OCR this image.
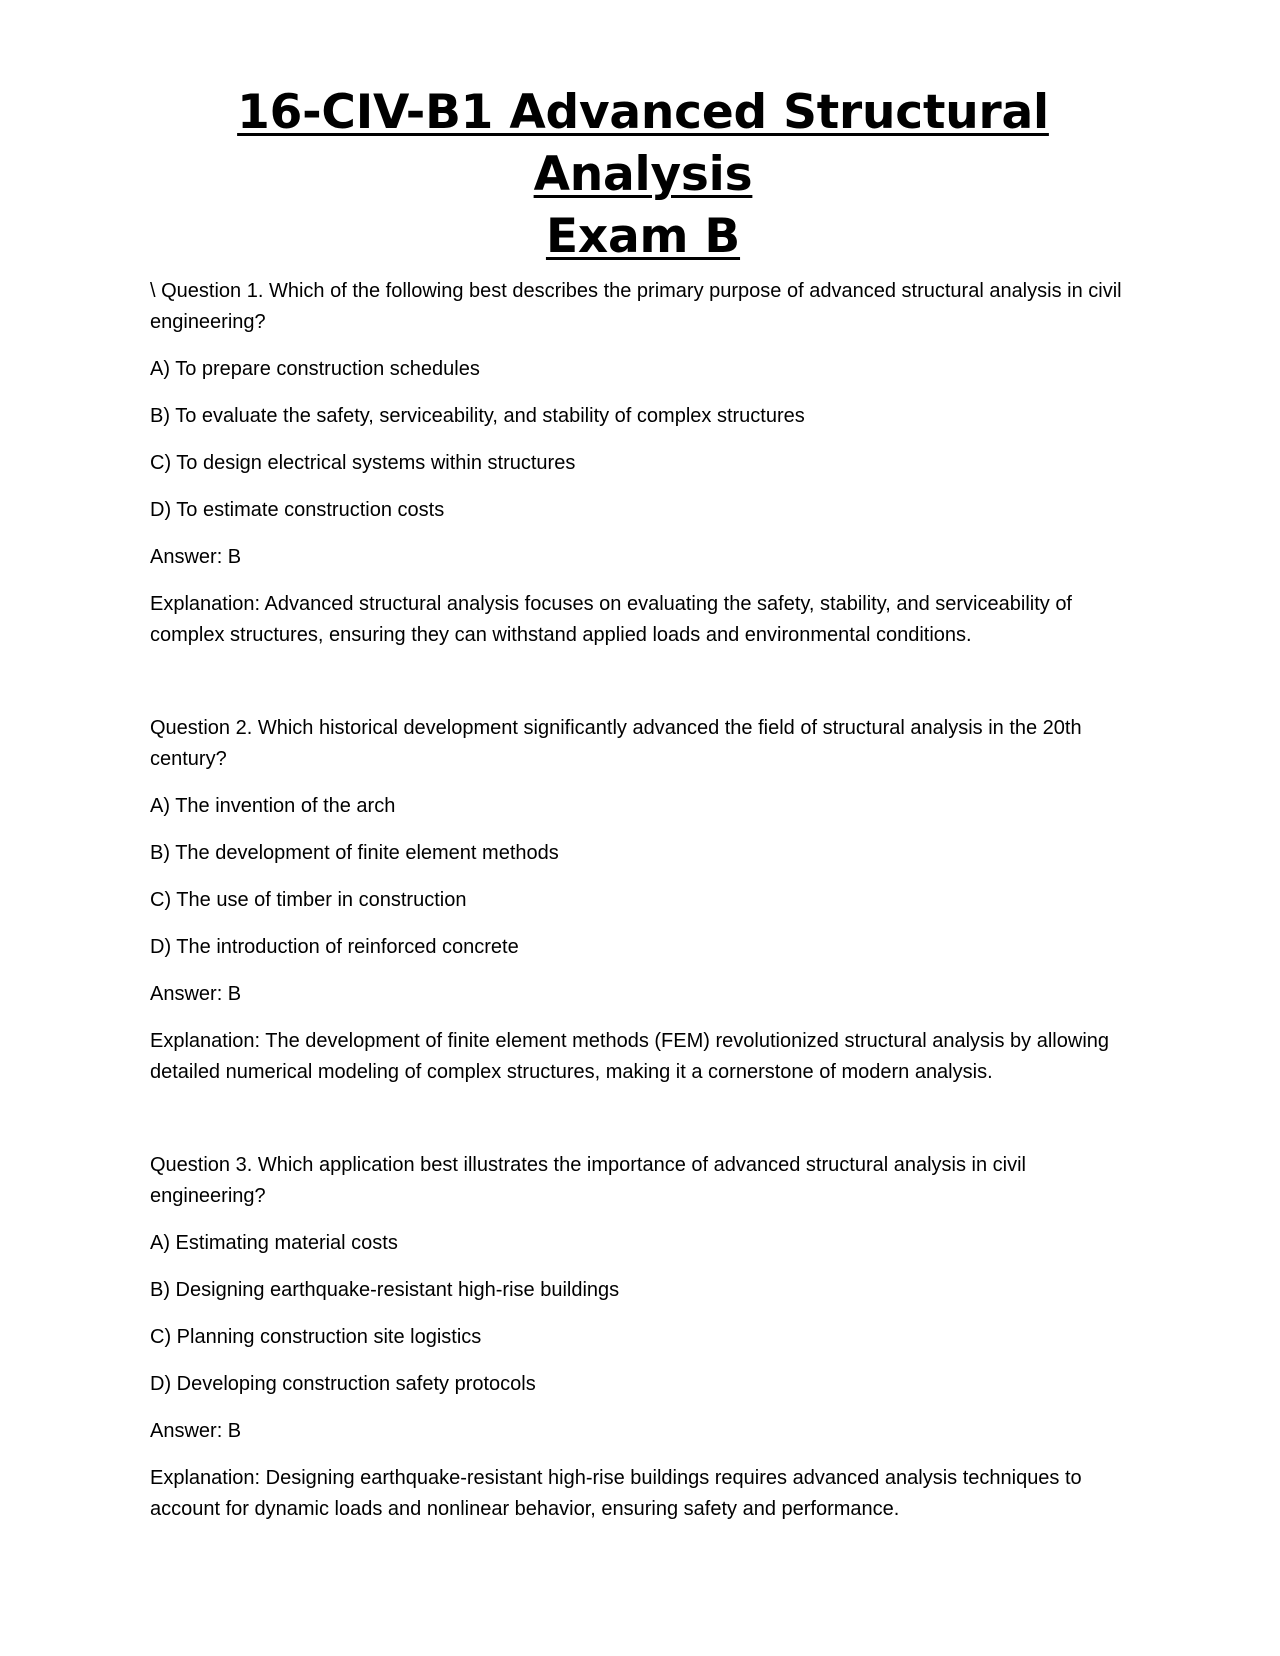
16-CIV-B1 Advanced Structural Analysis
Exam B

\ Question 1. Which of the following best describes the primary purpose of advanced structural analysis in civil engineering?

A) To prepare construction schedules

B) To evaluate the safety, serviceability, and stability of complex structures

C) To design electrical systems within structures

D) To estimate construction costs

Answer: B

Explanation: Advanced structural analysis focuses on evaluating the safety, stability, and serviceability of complex structures, ensuring they can withstand applied loads and environmental conditions.

Question 2. Which historical development significantly advanced the field of structural analysis in the 20th century?

A) The invention of the arch

B) The development of finite element methods

C) The use of timber in construction

D) The introduction of reinforced concrete

Answer: B

Explanation: The development of finite element methods (FEM) revolutionized structural analysis by allowing detailed numerical modeling of complex structures, making it a cornerstone of modern analysis.

Question 3. Which application best illustrates the importance of advanced structural analysis in civil engineering?

A) Estimating material costs

B) Designing earthquake-resistant high-rise buildings

C) Planning construction site logistics

D) Developing construction safety protocols

Answer: B

Explanation: Designing earthquake-resistant high-rise buildings requires advanced analysis techniques to account for dynamic loads and nonlinear behavior, ensuring safety and performance.
